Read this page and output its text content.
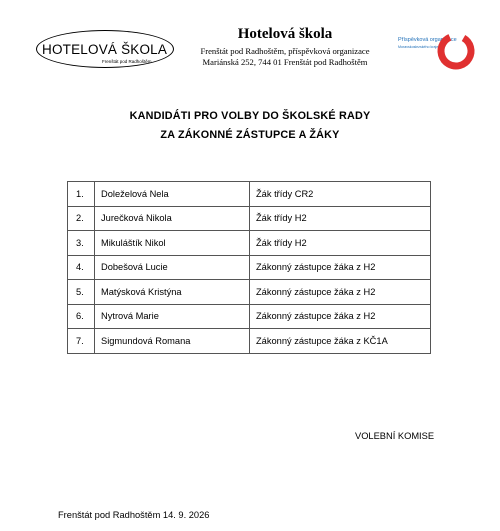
HOTELOVÁ ŠKOLA
Frenštát pod Radhoštěm
Hotelová škola
Frenštát pod Radhoštěm, příspěvková organizace
Mariánská 252, 744 01 Frenštát pod Radhoštěm
Příspěvková organizace
Moravskoslezského kraje
KANDIDÁTI PRO VOLBY DO ŠKOLSKÉ RADY
ZA ZÁKONNÉ ZÁSTUPCE A ŽÁKY
1.	Doleželová Nela	Žák třídy CR2
2.	Jurečková Nikola	Žák třídy H2
3.	Mikuláštík Nikol	Žák třídy H2
4.	Dobešová Lucie	Zákonný zástupce žáka z H2
5.	Matýsková Kristýna	Zákonný zástupce žáka z H2
6.	Nytrová Marie	Zákonný zástupce žáka z H2
7.	Sigmundová Romana	Zákonný zástupce žáka z KČ1A
VOLEBNÍ KOMISE
Frenštát pod Radhoštěm 14. 9. 2026
